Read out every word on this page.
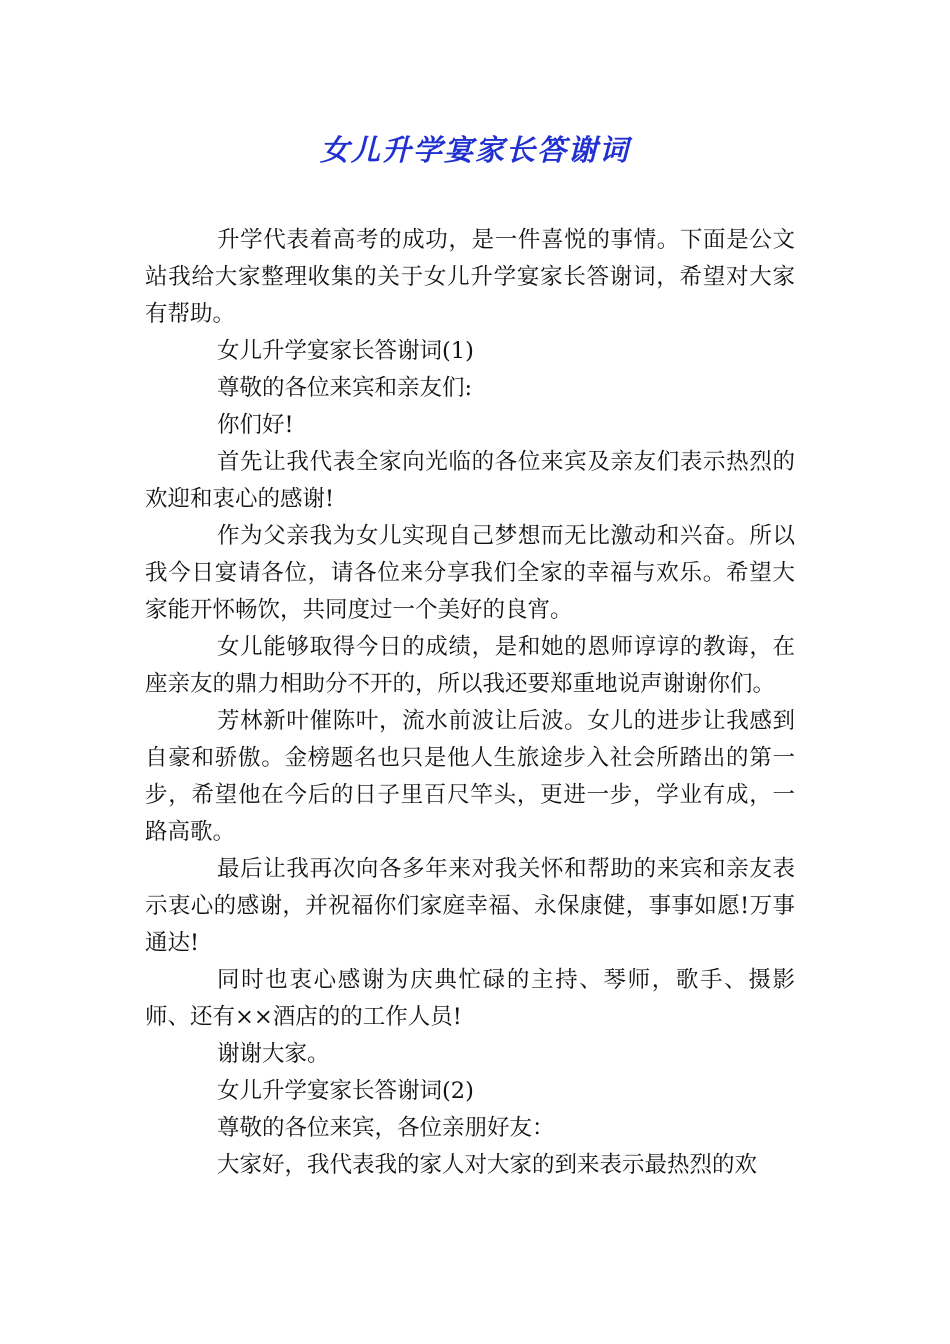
女儿升学宴家长答谢词

升学代表着高考的成功，是一件喜悦的事情。下面是公文站我给大家整理收集的关于女儿升学宴家长答谢词，希望对大家有帮助。

女儿升学宴家长答谢词(1)

尊敬的各位来宾和亲友们:

你们好!

首先让我代表全家向光临的各位来宾及亲友们表示热烈的欢迎和衷心的感谢!

作为父亲我为女儿实现自己梦想而无比激动和兴奋。所以我今日宴请各位，请各位来分享我们全家的幸福与欢乐。希望大家能开怀畅饮，共同度过一个美好的良宵。

女儿能够取得今日的成绩，是和她的恩师谆谆的教诲，在座亲友的鼎力相助分不开的，所以我还要郑重地说声谢谢你们。

芳林新叶催陈叶，流水前波让后波。女儿的进步让我感到自豪和骄傲。金榜题名也只是他人生旅途步入社会所踏出的第一步，希望他在今后的日子里百尺竿头，更进一步，学业有成，一路高歌。

最后让我再次向各多年来对我关怀和帮助的来宾和亲友表示衷心的感谢，并祝福你们家庭幸福、永保康健，事事如愿!万事通达!

同时也衷心感谢为庆典忙碌的主持、琴师，歌手、摄影师、还有××酒店的的工作人员!

谢谢大家。

女儿升学宴家长答谢词(2)

尊敬的各位来宾，各位亲朋好友：

大家好，我代表我的家人对大家的到来表示最热烈的欢
